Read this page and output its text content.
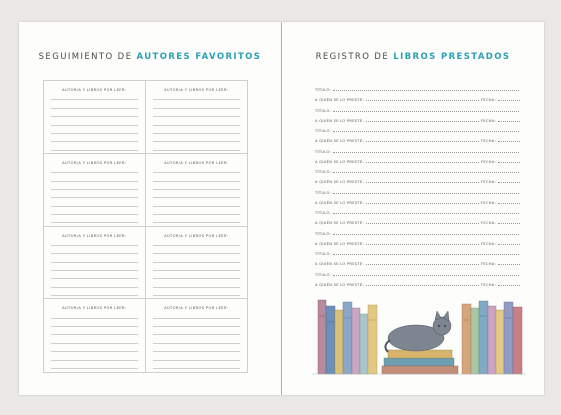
SEGUIMIENTO DE AUTORES FAVORITOS
AUTOR/A Y LIBROS POR LEER:	AUTOR/A Y LIBROS POR LEER:
AUTOR/A Y LIBROS POR LEER:	AUTOR/A Y LIBROS POR LEER:
AUTOR/A Y LIBROS POR LEER:	AUTOR/A Y LIBROS POR LEER:
AUTOR/A Y LIBROS POR LEER:	AUTOR/A Y LIBROS POR LEER:
REGISTRO DE LIBROS PRESTADOS
TÍTULO:
A QUIÉN SE LO PRESTÉ:	FECHA:
TÍTULO:
A QUIÉN SE LO PRESTÉ:	FECHA:
TÍTULO:
A QUIÉN SE LO PRESTÉ:	FECHA:
TÍTULO:
A QUIÉN SE LO PRESTÉ:	FECHA:
TÍTULO:
A QUIÉN SE LO PRESTÉ:	FECHA:
TÍTULO:
A QUIÉN SE LO PRESTÉ:	FECHA:
TÍTULO:
A QUIÉN SE LO PRESTÉ:	FECHA:
TÍTULO:
A QUIÉN SE LO PRESTÉ:	FECHA:
TÍTULO:
A QUIÉN SE LO PRESTÉ:	FECHA:
TÍTULO:
A QUIÉN SE LO PRESTÉ:	FECHA:
